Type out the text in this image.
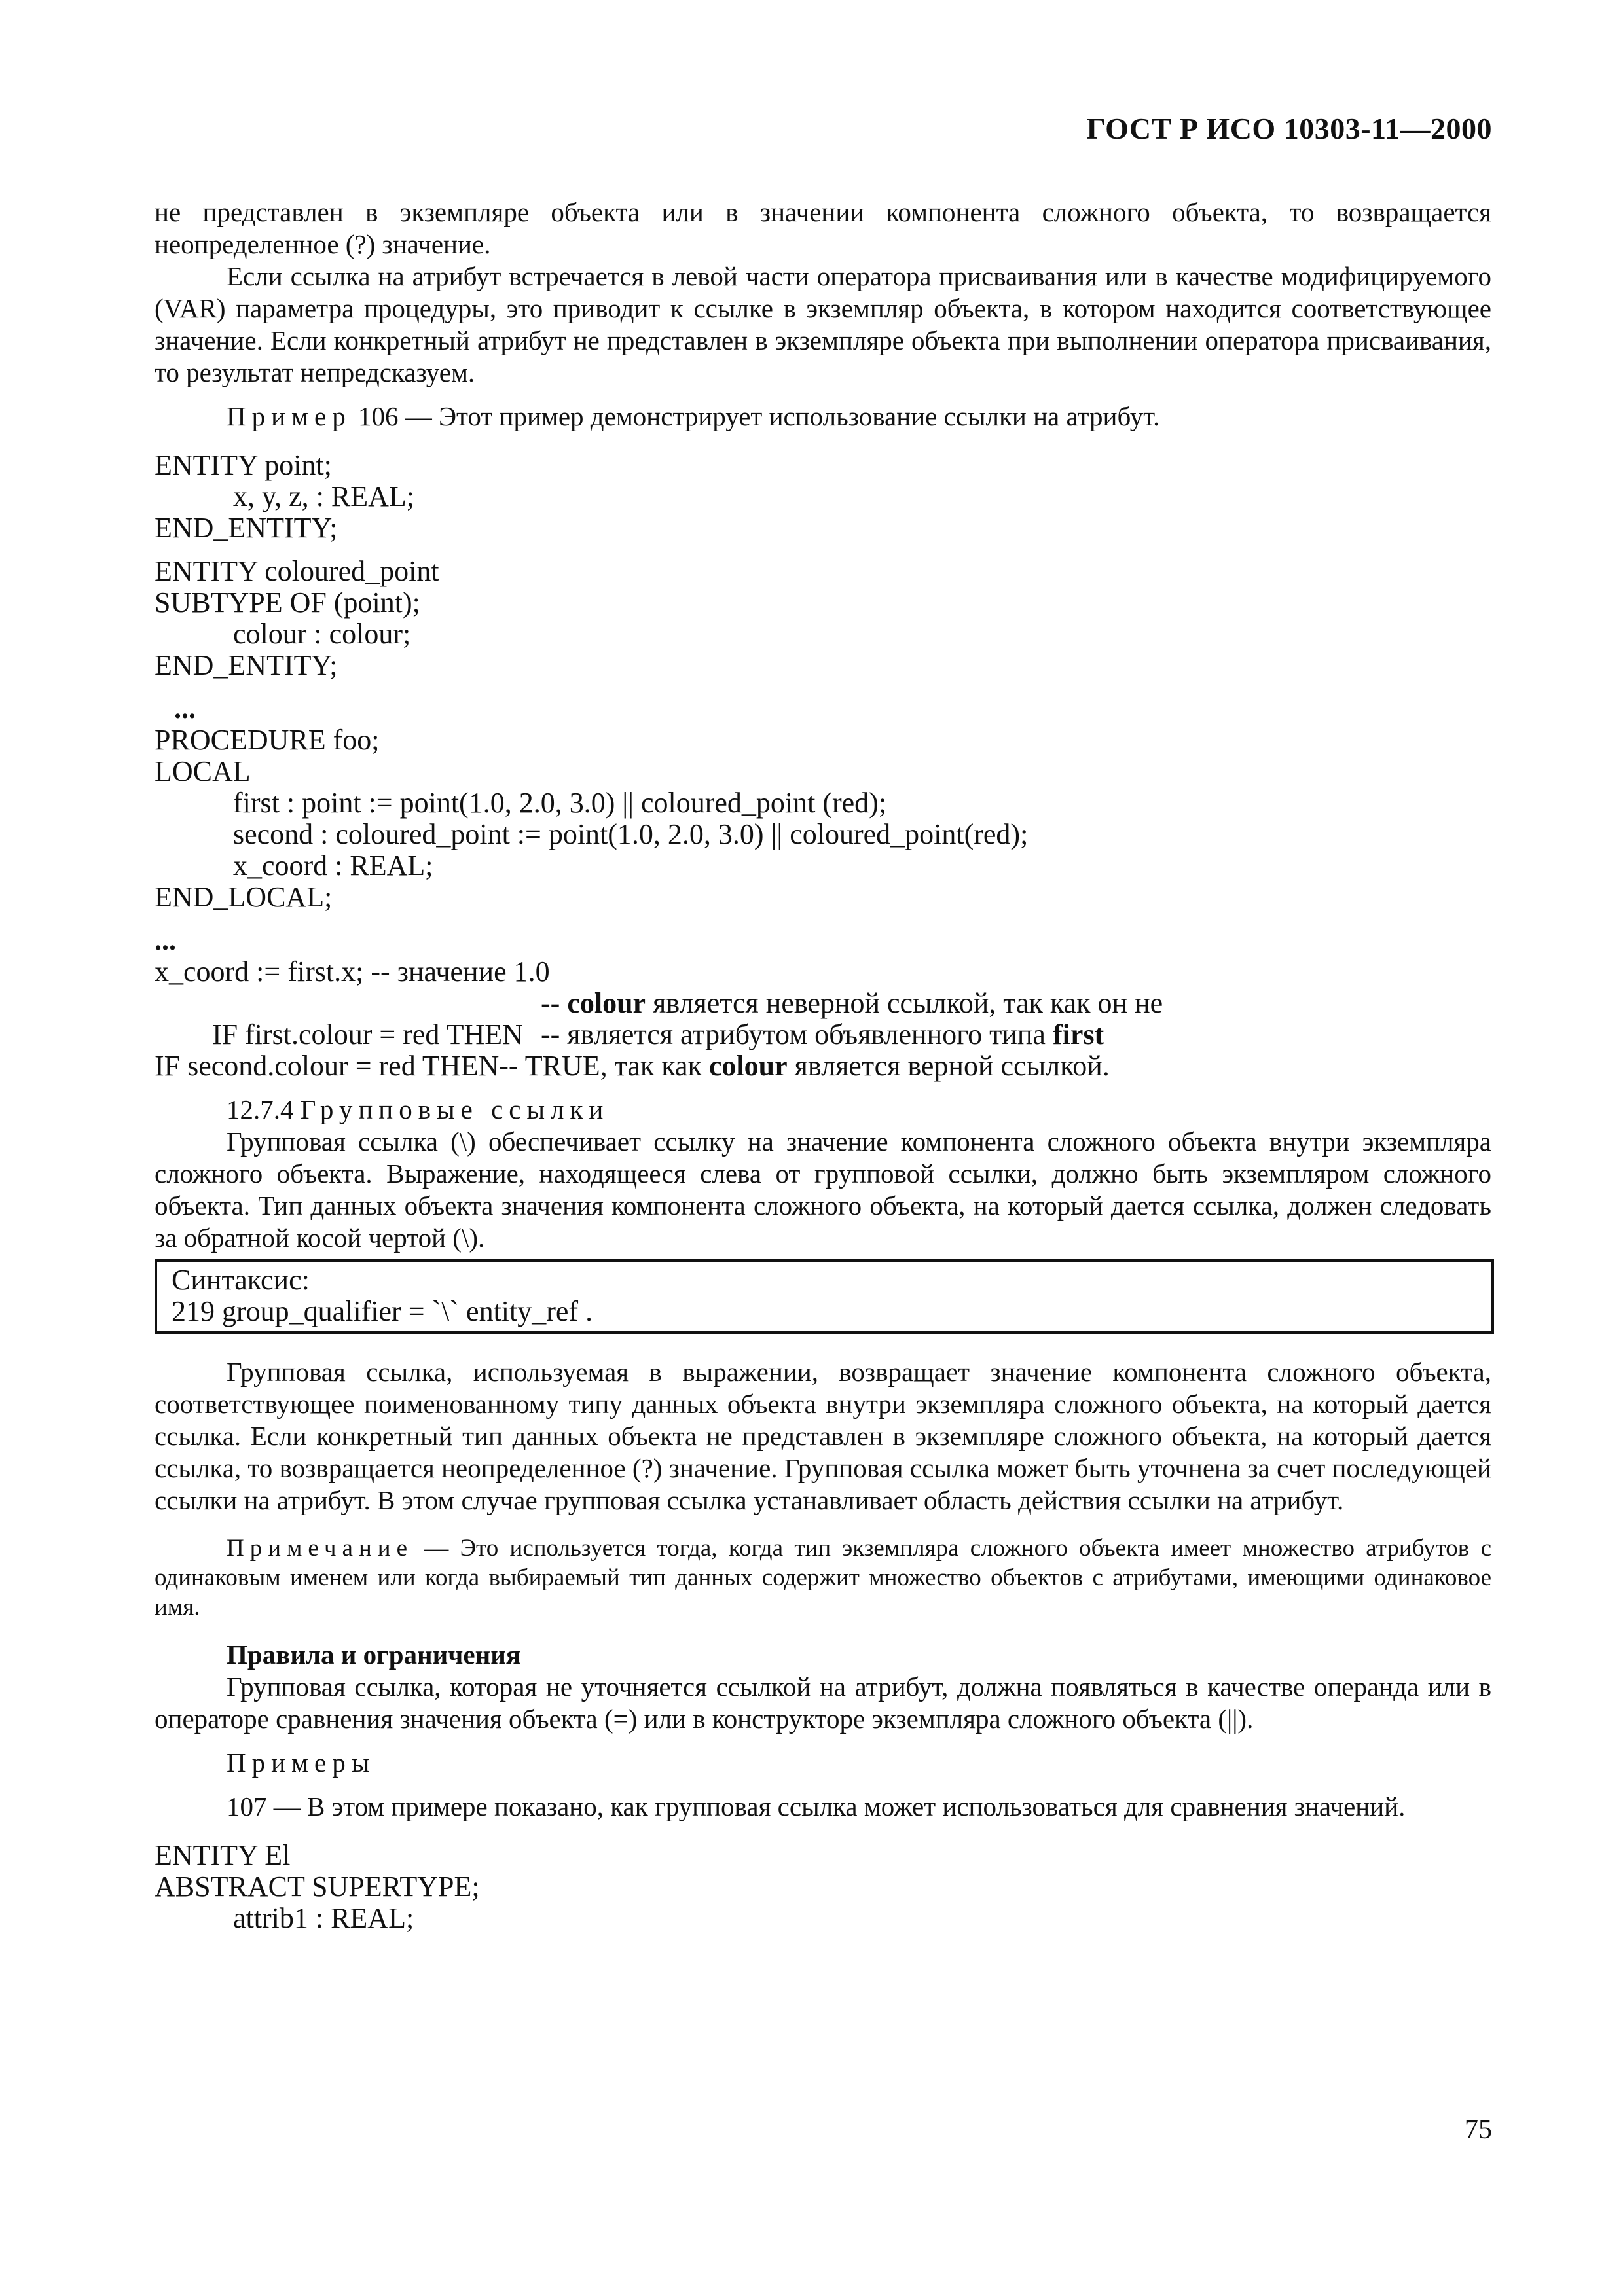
ГОСТ Р ИСО 10303-11—2000

не представлен в экземпляре объекта или в значении компонента сложного объекта, то возвращается неопределенное (?) значение.

Если ссылка на атрибут встречается в левой части оператора присваивания или в качестве модифицируемого (VAR) параметра процедуры, это приводит к ссылке в экземпляр объекта, в котором находится соответствующее значение. Если конкретный атрибут не представлен в экземпляре объекта при выполнении оператора присваивания, то результат непредсказуем.

Пример 106 — Этот пример демонстрирует использование ссылки на атрибут.

ENTITY point;
x, y, z, : REAL;
END_ENTITY;
ENTITY coloured_point
SUBTYPE OF (point);
colour : colour;
END_ENTITY;
...
PROCEDURE foo;
LOCAL
first : point := point(1.0, 2.0, 3.0) || coloured_point (red);
second : coloured_point := point(1.0, 2.0, 3.0) || coloured_point(red);
x_coord : REAL;
END_LOCAL;
...
x_coord := first.x; -- значение 1.0

IF first.colour = red THEN
-- colour является неверной ссылкой, так как он не

-- является атрибутом объявленного типа first

IF second.colour = red THEN-- TRUE, так как colour является верной ссылкой.

12.7.4 Групповые ссылки

Групповая ссылка (\) обеспечивает ссылку на значение компонента сложного объекта внутри экземпляра сложного объекта. Выражение, находящееся слева от групповой ссылки, должно быть экземпляром сложного объекта. Тип данных объекта значения компонента сложного объекта, на который дается ссылка, должен следовать за обратной косой чертой (\).

Синтаксис:
219 group_qualifier = `\` entity_ref .

Групповая ссылка, используемая в выражении, возвращает значение компонента сложного объекта, соответствующее поименованному типу данных объекта внутри экземпляра сложного объекта, на который дается ссылка. Если конкретный тип данных объекта не представлен в экземпляре сложного объекта, на который дается ссылка, то возвращается неопределенное (?) значение. Групповая ссылка может быть уточнена за счет последующей ссылки на атрибут. В этом случае групповая ссылка устанавливает область действия ссылки на атрибут.

Примечание — Это используется тогда, когда тип экземпляра сложного объекта имеет множество атрибутов с одинаковым именем или когда выбираемый тип данных содержит множество объектов с атрибутами, имеющими одинаковое имя.

Правила и ограничения

Групповая ссылка, которая не уточняется ссылкой на атрибут, должна появляться в качестве операнда или в операторе сравнения значения объекта (=) или в конструкторе экземпляра сложного объекта (||).

Примеры

107 — В этом примере показано, как групповая ссылка может использоваться для сравнения значений.

ENTITY El
ABSTRACT SUPERTYPE;
attrib1 : REAL;
75
